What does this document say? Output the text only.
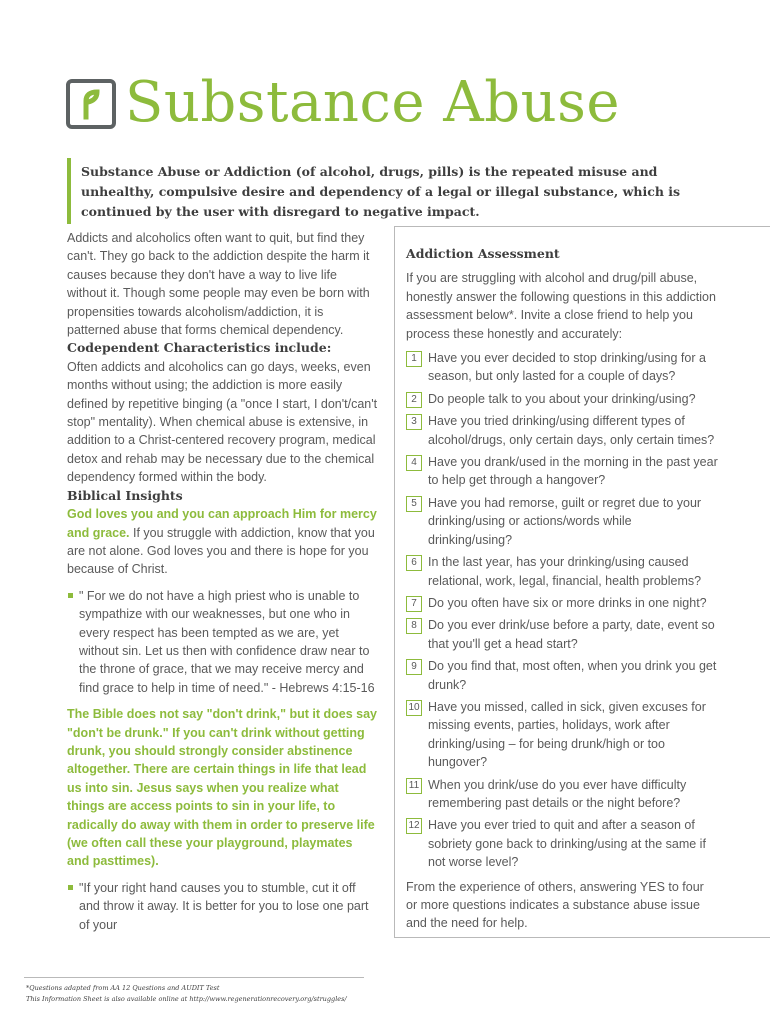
Substance Abuse
Substance Abuse or Addiction (of alcohol, drugs, pills) is the repeated misuse and unhealthy, compulsive desire and dependency of a legal or illegal substance, which is continued by the user with disregard to negative impact.

Addicts and alcoholics often want to quit, but find they can't. They go back to the addiction despite the harm it causes because they don't have a way to live life without it. Though some people may even be born with propensities towards alcoholism/addiction, it is patterned abuse that forms chemical dependency.

Codependent Characteristics include:

Often addicts and alcoholics can go days, weeks, even months without using; the addiction is more easily defined by repetitive binging (a "once I start, I don't/can't stop" mentality). When chemical abuse is extensive, in addition to a Christ-centered recovery program, medical detox and rehab may be necessary due to the chemical dependency formed within the body.

Biblical Insights

God loves you and you can approach Him for mercy and grace. If you struggle with addiction, know that you are not alone. God loves you and there is hope for you because of Christ.

" For we do not have a high priest who is unable to sympathize with our weaknesses, but one who in every respect has been tempted as we are, yet without sin. Let us then with confidence draw near to the throne of grace, that we may receive mercy and find grace to help in time of need." - Hebrews 4:15-16

The Bible does not say "don't drink," but it does say "don't be drunk." If you can't drink without getting drunk, you should strongly consider abstinence altogether. There are certain things in life that lead us into sin. Jesus says when you realize what things are access points to sin in your life, to radically do away with them in order to preserve life (we often call these your playground, playmates and pasttimes).

"If your right hand causes you to stumble, cut it off and throw it away. It is better for you to lose one part of your

Addiction Assessment

If you are struggling with alcohol and drug/pill abuse, honestly answer the following questions in this addiction assessment below*. Invite a close friend to help you process these honestly and accurately:

1 Have you ever decided to stop drinking/using for a season, but only lasted for a couple of days?
2 Do people talk to you about your drinking/using?
3 Have you tried drinking/using different types of alcohol/drugs, only certain days, only certain times?
4 Have you drank/used in the morning in the past year to help get through a hangover?
5 Have you had remorse, guilt or regret due to your drinking/using or actions/words while drinking/using?
6 In the last year, has your drinking/using caused relational, work, legal, financial, health problems?
7 Do you often have six or more drinks in one night?
8 Do you ever drink/use before a party, date, event so that you'll get a head start?
9 Do you find that, most often, when you drink you get drunk?
10 Have you missed, called in sick, given excuses for missing events, parties, holidays, work after drinking/using – for being drunk/high or too hungover?
11 When you drink/use do you ever have difficulty remembering past details or the night before?
12 Have you ever tried to quit and after a season of sobriety gone back to drinking/using at the same if not worse level?

From the experience of others, answering YES to four or more questions indicates a substance abuse issue and the need for help.

*Questions adapted from AA 12 Questions and AUDIT Test

This Information Sheet is also available online at http://www.regenerationrecovery.org/struggles/
